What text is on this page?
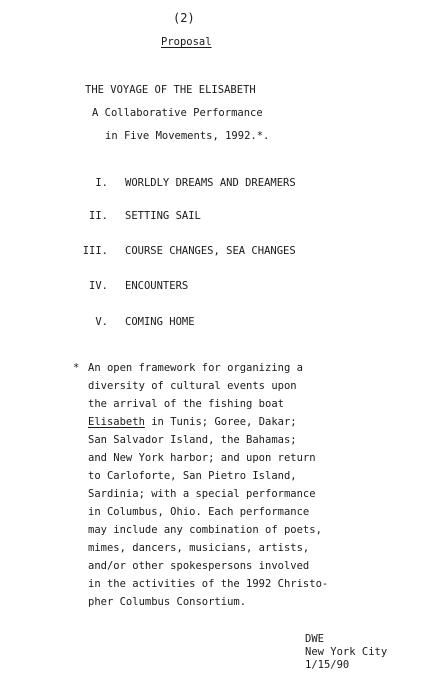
(2)
Proposal
THE VOYAGE OF THE ELISABETH
A Collaborative Performance
in Five Movements, 1992.*.
I. WORLDLY DREAMS AND DREAMERS
II. SETTING SAIL
III. COURSE CHANGES, SEA CHANGES
IV. ENCOUNTERS
V. COMING HOME
* An open framework for organizing a
diversity of cultural events upon
the arrival of the fishing boat
Elisabeth in Tunis; Goree, Dakar;
San Salvador Island, the Bahamas;
and New York harbor; and upon return
to Carloforte, San Pietro Island,
Sardinia; with a special performance
in Columbus, Ohio. Each performance
may include any combination of poets,
mimes, dancers, musicians, artists,
and/or other spokespersons involved
in the activities of the 1992 Christo-
pher Columbus Consortium.
DWE
New York City
1/15/90
